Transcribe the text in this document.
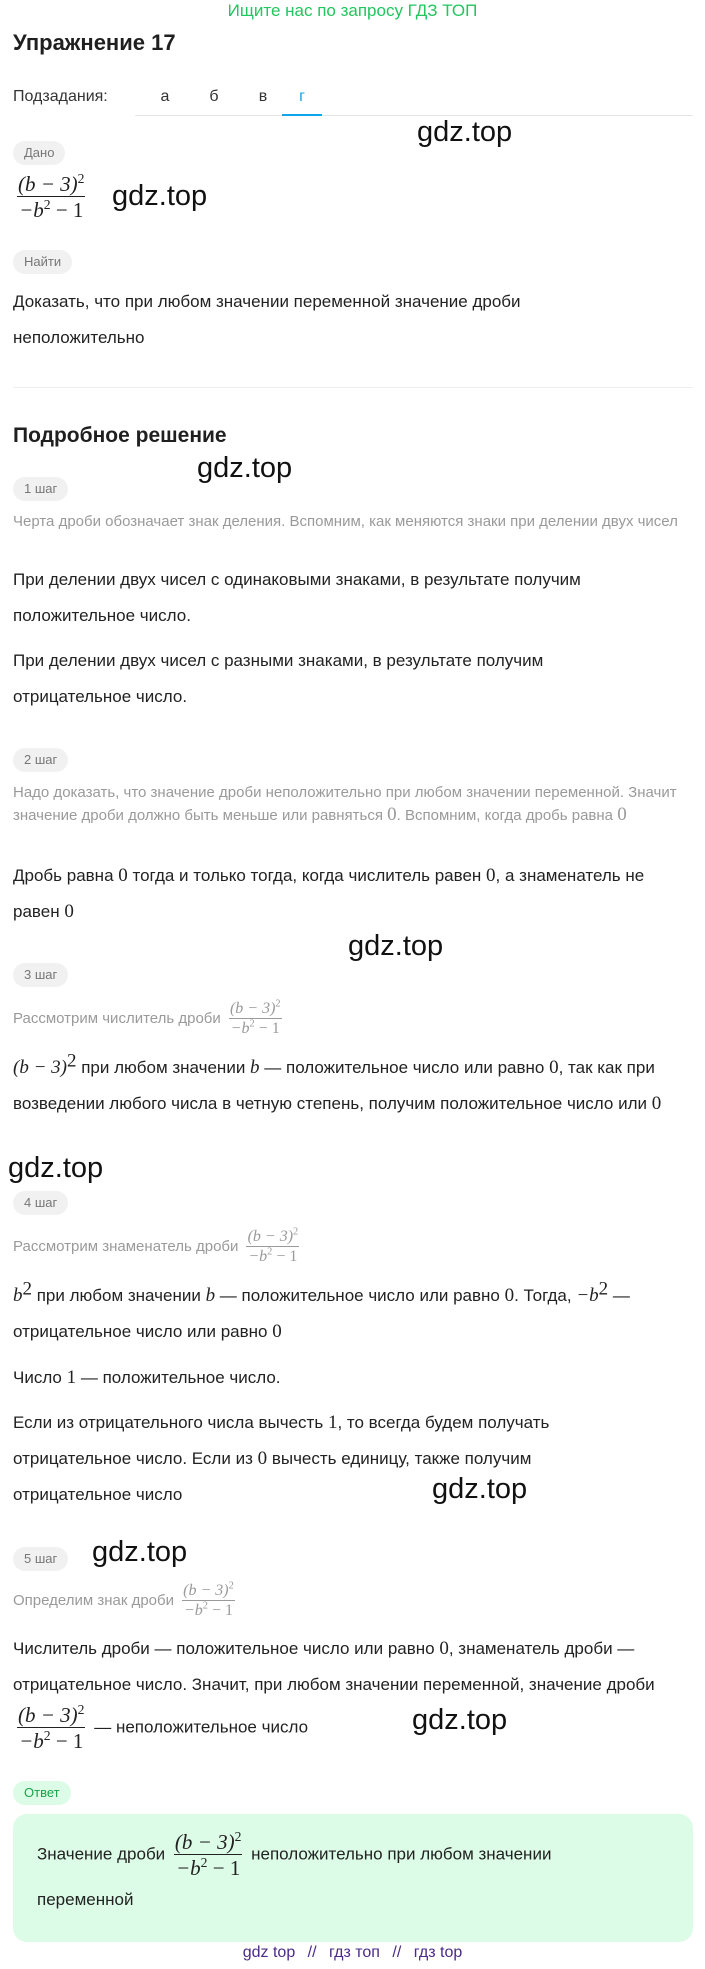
Ищите нас по запросу ГДЗ ТОП
Упражнение 17
Подзадания:	а	б	в	г
Дано
$\frac{(b - 3)^2}{-b^2 - 1}$
Найти

Доказать, что при любом значении переменной значение дроби неположительно

Подробное решение
1 шаг

Черта дроби обозначает знак деления. Вспомним, как меняются знаки при делении двух чисел

При делении двух чисел с одинаковыми знаками, в результате получим положительное число.

При делении двух чисел с разными знаками, в результате получим отрицательное число.

2 шаг

Надо доказать, что значение дроби неположительно при любом значении переменной. Значит значение дроби должно быть меньше или равняться 0. Вспомним, когда дробь равна 0

Дробь равна 0 тогда и только тогда, когда числитель равен 0, а знаменатель не равен 0

3 шаг

Рассмотрим числитель дроби $\frac{(b - 3)^2}{-b^2 - 1}$

$(b - 3)^2$ при любом значении b — положительное число или равно 0, так как при возведении любого числа в четную степень, получим положительное число или 0

4 шаг

Рассмотрим знаменатель дроби $\frac{(b - 3)^2}{-b^2 - 1}$

$b^2$ при любом значении b — положительное число или равно 0. Тогда, $-b^2$ — отрицательное число или равно 0

Число 1 — положительное число.

Если из отрицательного числа вычесть 1, то всегда будем получать отрицательное число. Если из 0 вычесть единицу, также получим отрицательное число

5 шаг

Определим знак дроби $\frac{(b - 3)^2}{-b^2 - 1}$

Числитель дроби — положительное число или равно 0, знаменатель дроби — отрицательное число. Значит, при любом значении переменной, значение дроби
$\frac{(b - 3)^2}{-b^2 - 1}$ — неположительное число

Ответ

Значение дроби $\frac{(b - 3)^2}{-b^2 - 1}$ неположительно при любом значении переменной

gdz.top
gdz.top
gdz.top
gdz.top
gdz.top
gdz.top
gdz.top
gdz.top
gdz top // гдз топ // гдз top
